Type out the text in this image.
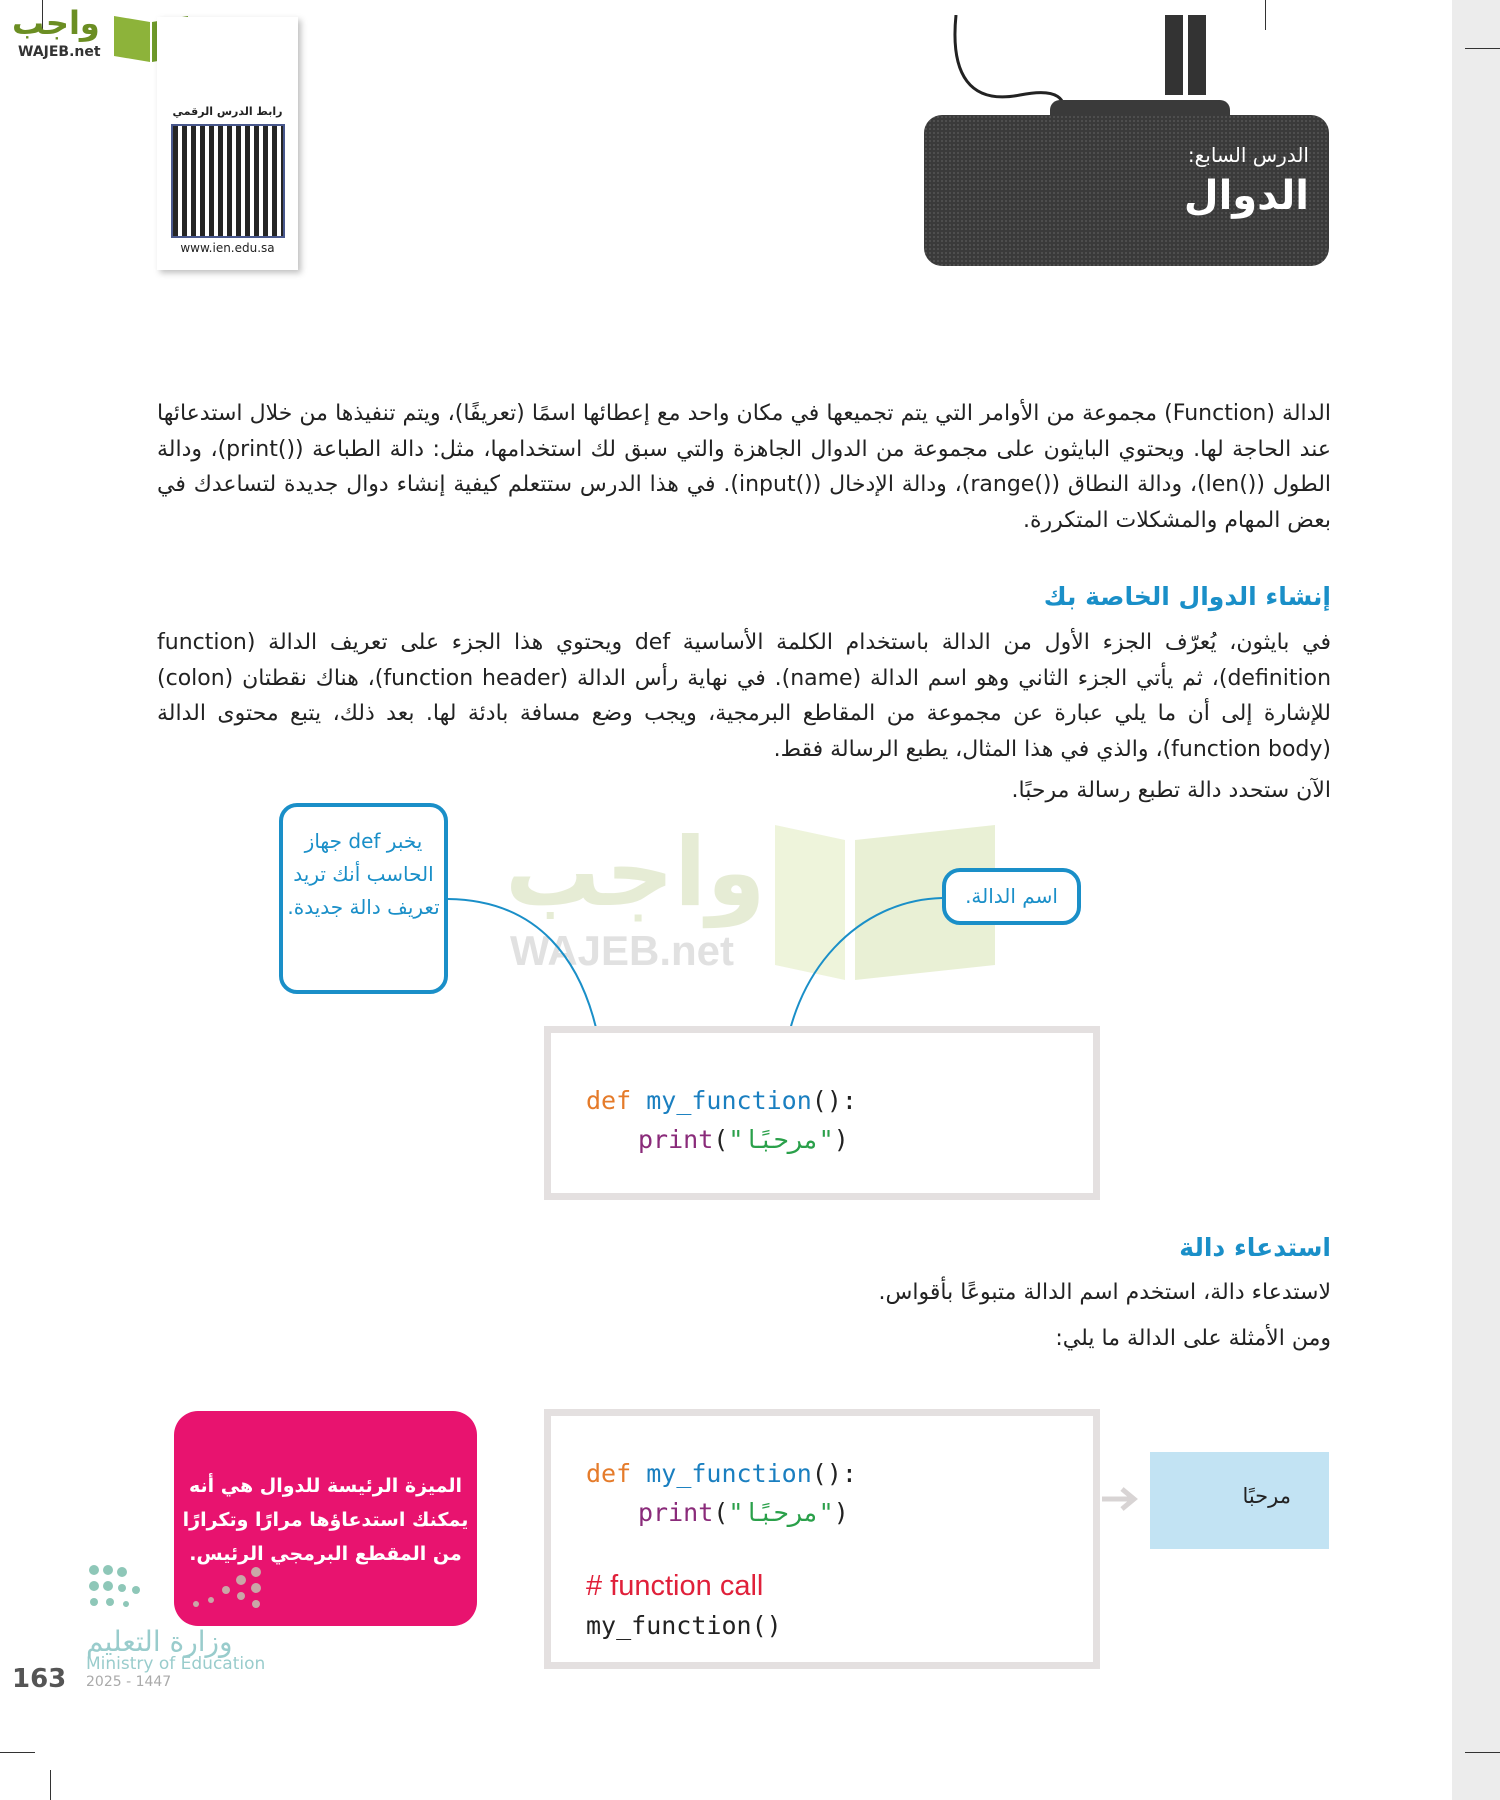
واجب
WAJEB.net
رابط الدرس الرقمي
www.ien.edu.sa
الدرس السابع:
الدوال

الدالة (Function) مجموعة من الأوامر التي يتم تجميعها في مكان واحد مع إعطائها اسمًا (تعريفًا)، ويتم تنفيذها من خلال استدعائها عند الحاجة لها. ويحتوي البايثون على مجموعة من الدوال الجاهزة والتي سبق لك استخدامها، مثل: دالة الطباعة (()print)، ودالة الطول (()len)، ودالة النطاق (()range)، ودالة الإدخال (()input). في هذا الدرس ستتعلم كيفية إنشاء دوال جديدة لتساعدك في بعض المهام والمشكلات المتكررة.

إنشاء الدوال الخاصة بك

في بايثون، يُعرّف الجزء الأول من الدالة باستخدام الكلمة الأساسية def ويحتوي هذا الجزء على تعريف الدالة (function definition)، ثم يأتي الجزء الثاني وهو اسم الدالة (name). في نهاية رأس الدالة (function header)، هناك نقطتان (colon) للإشارة إلى أن ما يلي عبارة عن مجموعة من المقاطع البرمجية، ويجب وضع مسافة بادئة لها. بعد ذلك، يتبع محتوى الدالة (function body)، والذي في هذا المثال، يطبع الرسالة فقط.

الآن ستحدد دالة تطبع رسالة مرحبًا.
واجب
WAJEB.net
يخبر def جهاز الحاسب أنك تريد تعريف دالة جديدة.	اسم الدالة.
def my_function():
print("مرحبًا")
استدعاء دالة
لاستدعاء دالة، استخدم اسم الدالة متبوعًا بأقواس.
ومن الأمثلة على الدالة ما يلي:
الميزة الرئيسة للدوال هي أنه يمكنك استدعاؤها مرارًا وتكرارًا من المقطع البرمجي الرئيس.
def my_function():
print("مرحبًا")
# function call
my_function()
مرحبًا
وزارة التعليم
Ministry of Education
2025 - 1447
163
